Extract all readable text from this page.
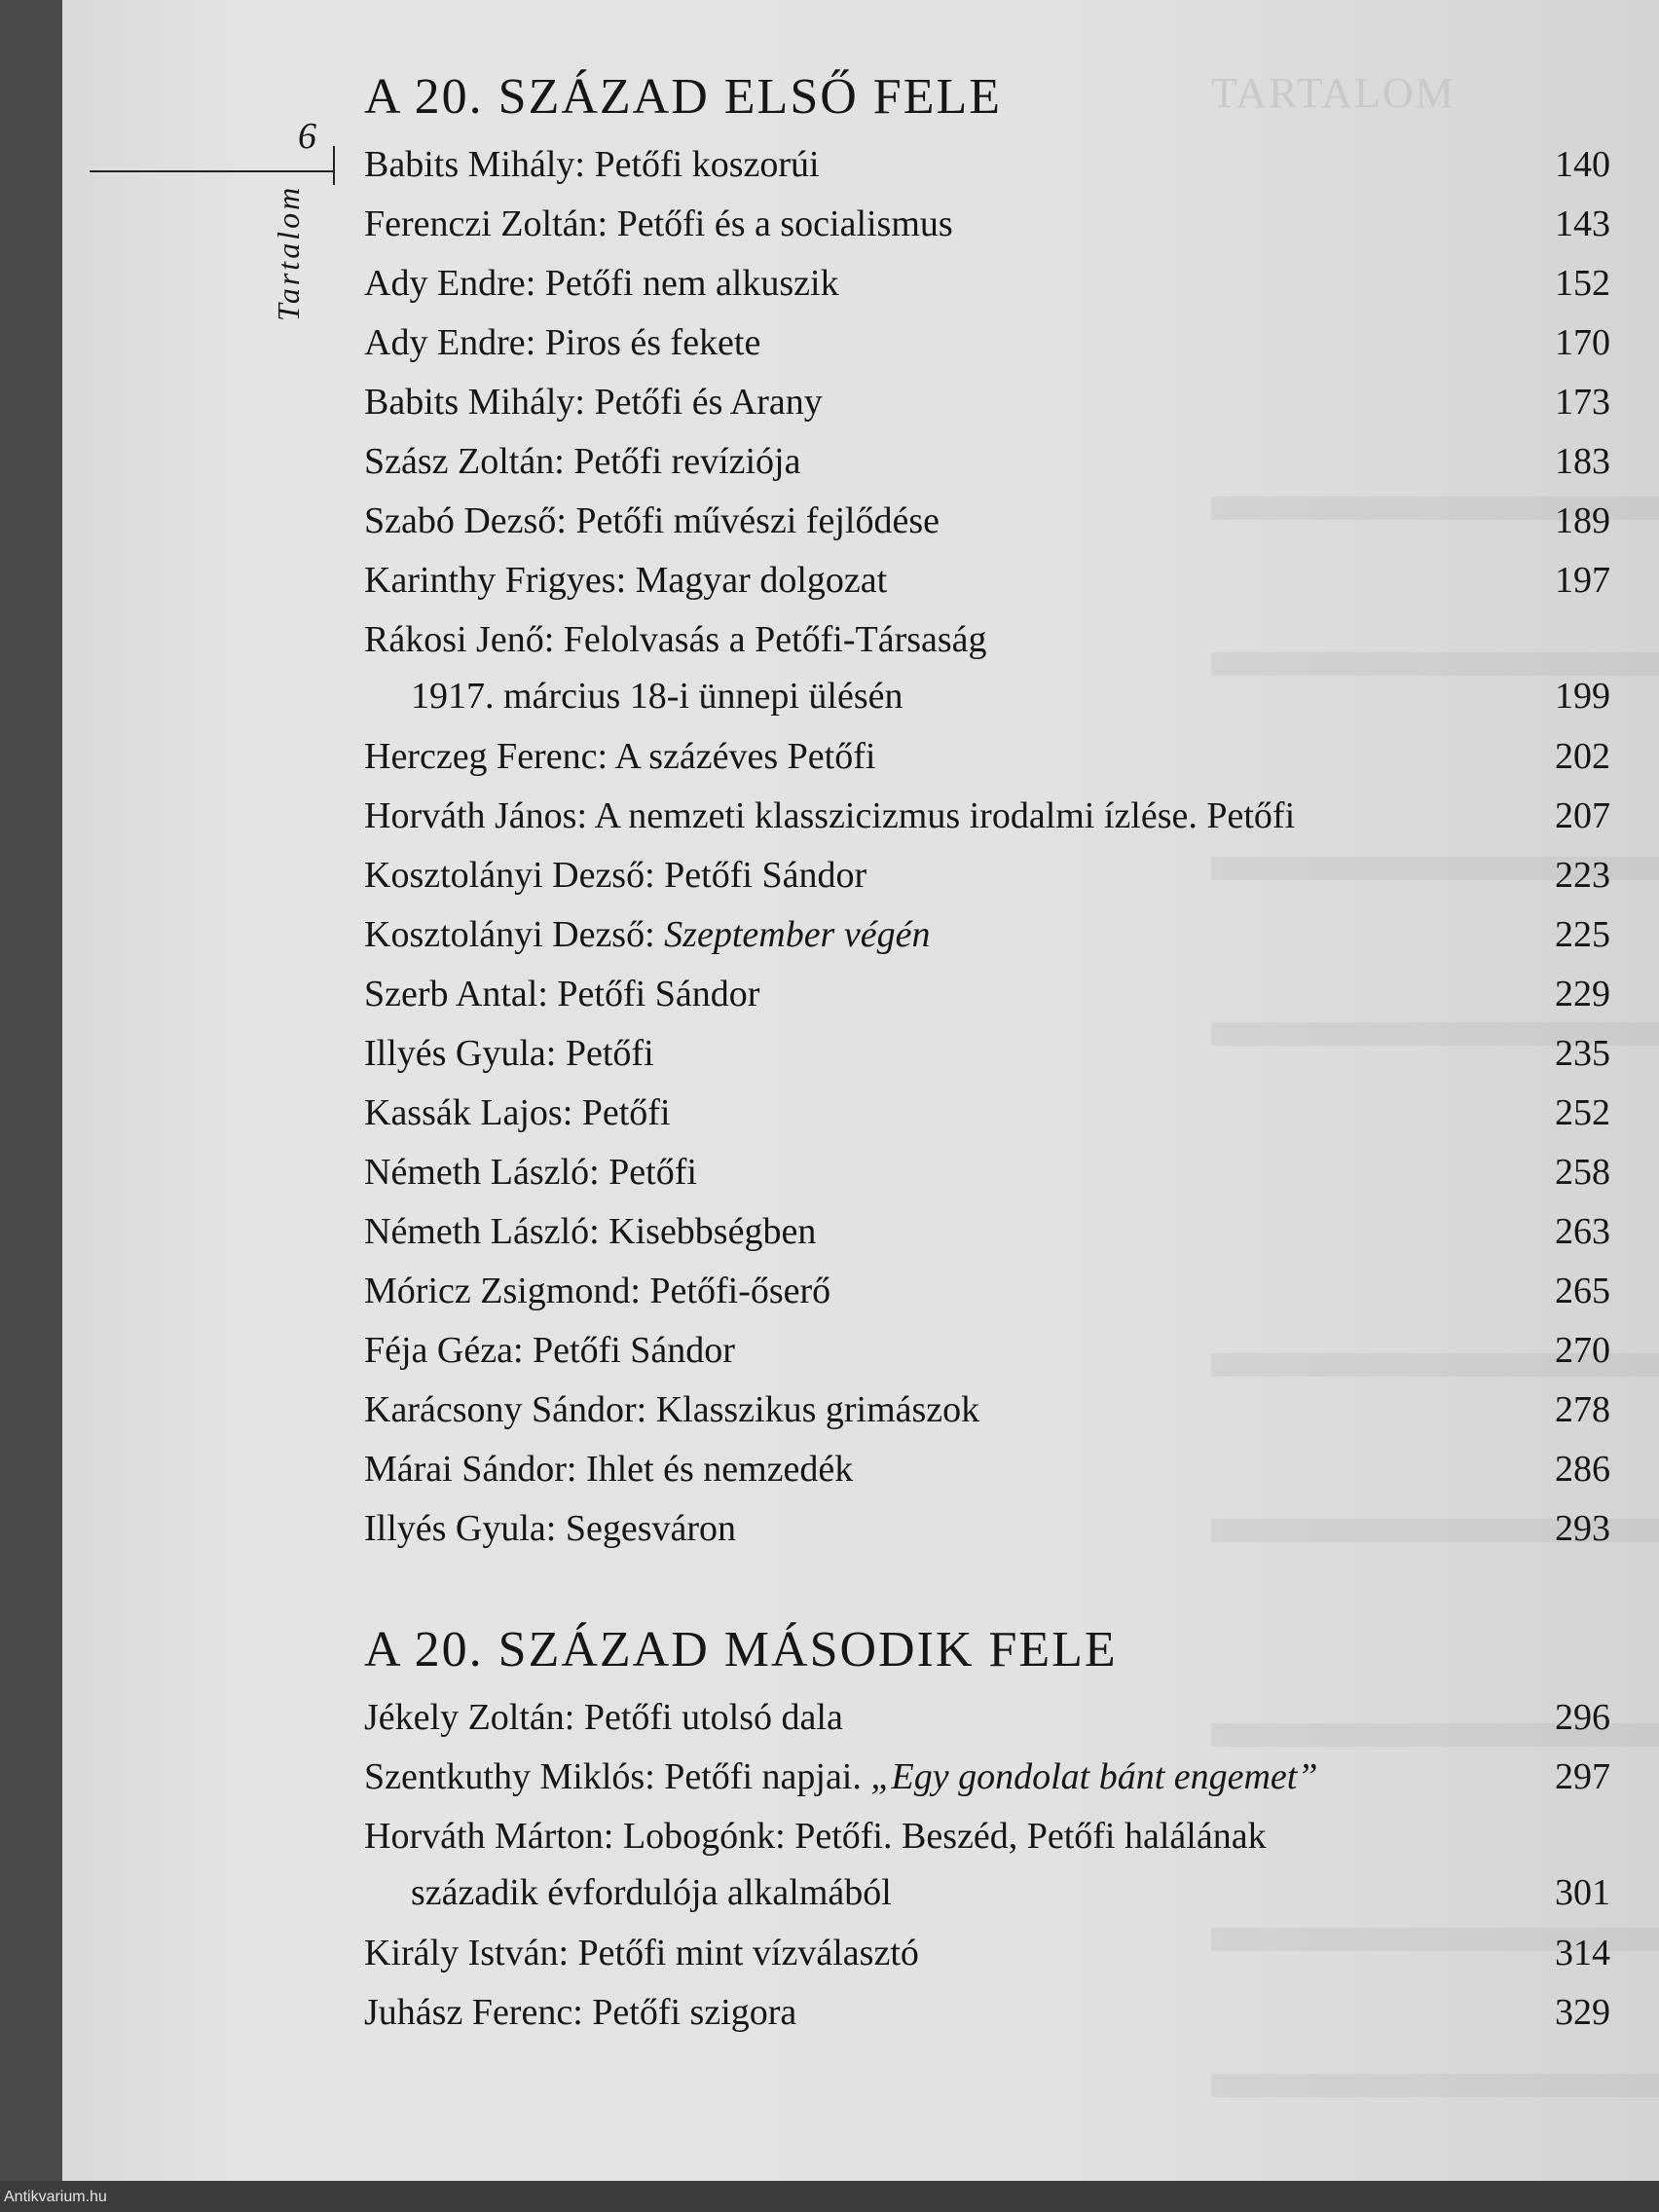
TARTALOM
6
Tartalom
A 20. SZÁZAD ELSŐ FELE
Babits Mihály: Petőfi koszorúi	140
Ferenczi Zoltán: Petőfi és a socialismus	143
Ady Endre: Petőfi nem alkuszik	152
Ady Endre: Piros és fekete	170
Babits Mihály: Petőfi és Arany	173
Szász Zoltán: Petőfi revíziója	183
Szabó Dezső: Petőfi művészi fejlődése	189
Karinthy Frigyes: Magyar dolgozat	197
Rákosi Jenő: Felolvasás a Petőfi-Társaság
1917. március 18-i ünnepi ülésén	199
Herczeg Ferenc: A százéves Petőfi	202
Horváth János: A nemzeti klasszicizmus irodalmi ízlése. Petőfi	207
Kosztolányi Dezső: Petőfi Sándor	223
Kosztolányi Dezső: Szeptember végén	225
Szerb Antal: Petőfi Sándor	229
Illyés Gyula: Petőfi	235
Kassák Lajos: Petőfi	252
Németh László: Petőfi	258
Németh László: Kisebbségben	263
Móricz Zsigmond: Petőfi-őserő	265
Féja Géza: Petőfi Sándor	270
Karácsony Sándor: Klasszikus grimászok	278
Márai Sándor: Ihlet és nemzedék	286
Illyés Gyula: Segesváron	293
A 20. SZÁZAD MÁSODIK FELE
Jékely Zoltán: Petőfi utolsó dala	296
Szentkuthy Miklós: Petőfi napjai. „Egy gondolat bánt engemet”	297
Horváth Márton: Lobogónk: Petőfi. Beszéd, Petőfi halálának
századik évfordulója alkalmából	301
Király István: Petőfi mint vízválasztó	314
Juhász Ferenc: Petőfi szigora	329
Antikvarium.hu
